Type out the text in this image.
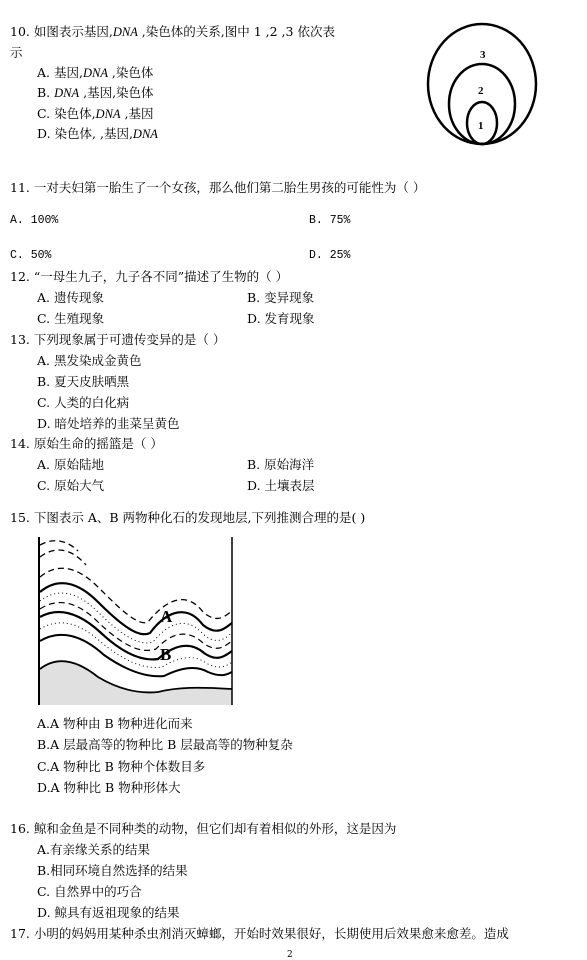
10. 如图表示基因,DNA ,染色体的关系,图中 1 ,2 ,3 依次表
示
A. 基因,DNA ,染色体
B. DNA ,基因,染色体
C. 染色体,DNA ,基因
D. 染色体, ,基因,DNA
3
2
1
11. 一对夫妇第一胎生了一个女孩，那么他们第二胎生男孩的可能性为（ ）
A. 100%	B. 75%
C. 50%	D. 25%
12. “一母生九子，九子各不同”描述了生物的（ ）
A. 遗传现象	B. 变异现象
C. 生殖现象	D. 发育现象
13. 下列现象属于可遗传变异的是（ ）
A. 黑发染成金黄色
B. 夏天皮肤晒黑
C. 人类的白化病
D. 暗处培养的韭菜呈黄色
14. 原始生命的摇篮是（ ）
A. 原始陆地	B. 原始海洋
C. 原始大气	D. 土壤表层
15. 下图表示 A、B 两物种化石的发现地层,下列推测合理的是( )
A
B
A.A 物种由 B 物种进化而来
B.A 层最高等的物种比 B 层最高等的物种复杂
C.A 物种比 B 物种个体数目多
D.A 物种比 B 物种形体大
16. 鲸和金鱼是不同种类的动物，但它们却有着相似的外形，这是因为
A.有亲缘关系的结果
B.相同环境自然选择的结果
C. 自然界中的巧合
D. 鲸具有返祖现象的结果
17. 小明的妈妈用某种杀虫剂消灭蟑螂，开始时效果很好，长期使用后效果愈来愈差。造成
2
